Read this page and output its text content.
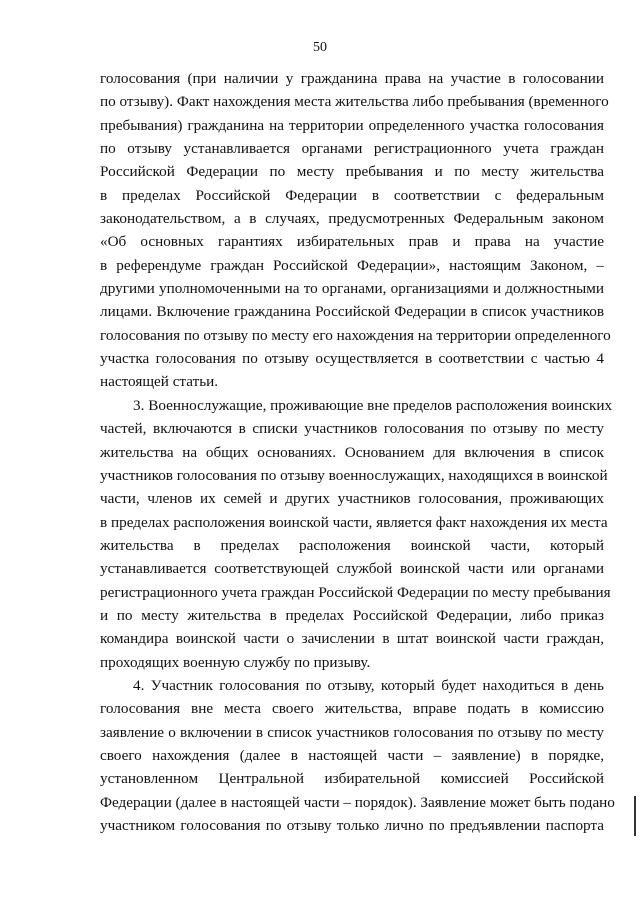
50
голосования (при наличии у гражданина права на участие в голосовании
по отзыву). Факт нахождения места жительства либо пребывания (временного
пребывания) гражданина на территории определенного участка голосования
по отзыву устанавливается органами регистрационного учета граждан
Российской Федерации по месту пребывания и по месту жительства
в пределах Российской Федерации в соответствии с федеральным
законодательством, а в случаях, предусмотренных Федеральным законом
«Об основных гарантиях избирательных прав и права на участие
в референдуме граждан Российской Федерации», настоящим Законом, –
другими уполномоченными на то органами, организациями и должностными
лицами. Включение гражданина Российской Федерации в список участников
голосования по отзыву по месту его нахождения на территории определенного
участка голосования по отзыву осуществляется в соответствии с частью 4
настоящей статьи.
3. Военнослужащие, проживающие вне пределов расположения воинских
частей, включаются в списки участников голосования по отзыву по месту
жительства на общих основаниях. Основанием для включения в список
участников голосования по отзыву военнослужащих, находящихся в воинской
части, членов их семей и других участников голосования, проживающих
в пределах расположения воинской части, является факт нахождения их места
жительства в пределах расположения воинской части, который
устанавливается соответствующей службой воинской части или органами
регистрационного учета граждан Российской Федерации по месту пребывания
и по месту жительства в пределах Российской Федерации, либо приказ
командира воинской части о зачислении в штат воинской части граждан,
проходящих военную службу по призыву.
4. Участник голосования по отзыву, который будет находиться в день
голосования вне места своего жительства, вправе подать в комиссию
заявление о включении в список участников голосования по отзыву по месту
своего нахождения (далее в настоящей части – заявление) в порядке,
установленном Центральной избирательной комиссией Российской
Федерации (далее в настоящей части – порядок). Заявление может быть подано
участником голосования по отзыву только лично по предъявлении паспорта
